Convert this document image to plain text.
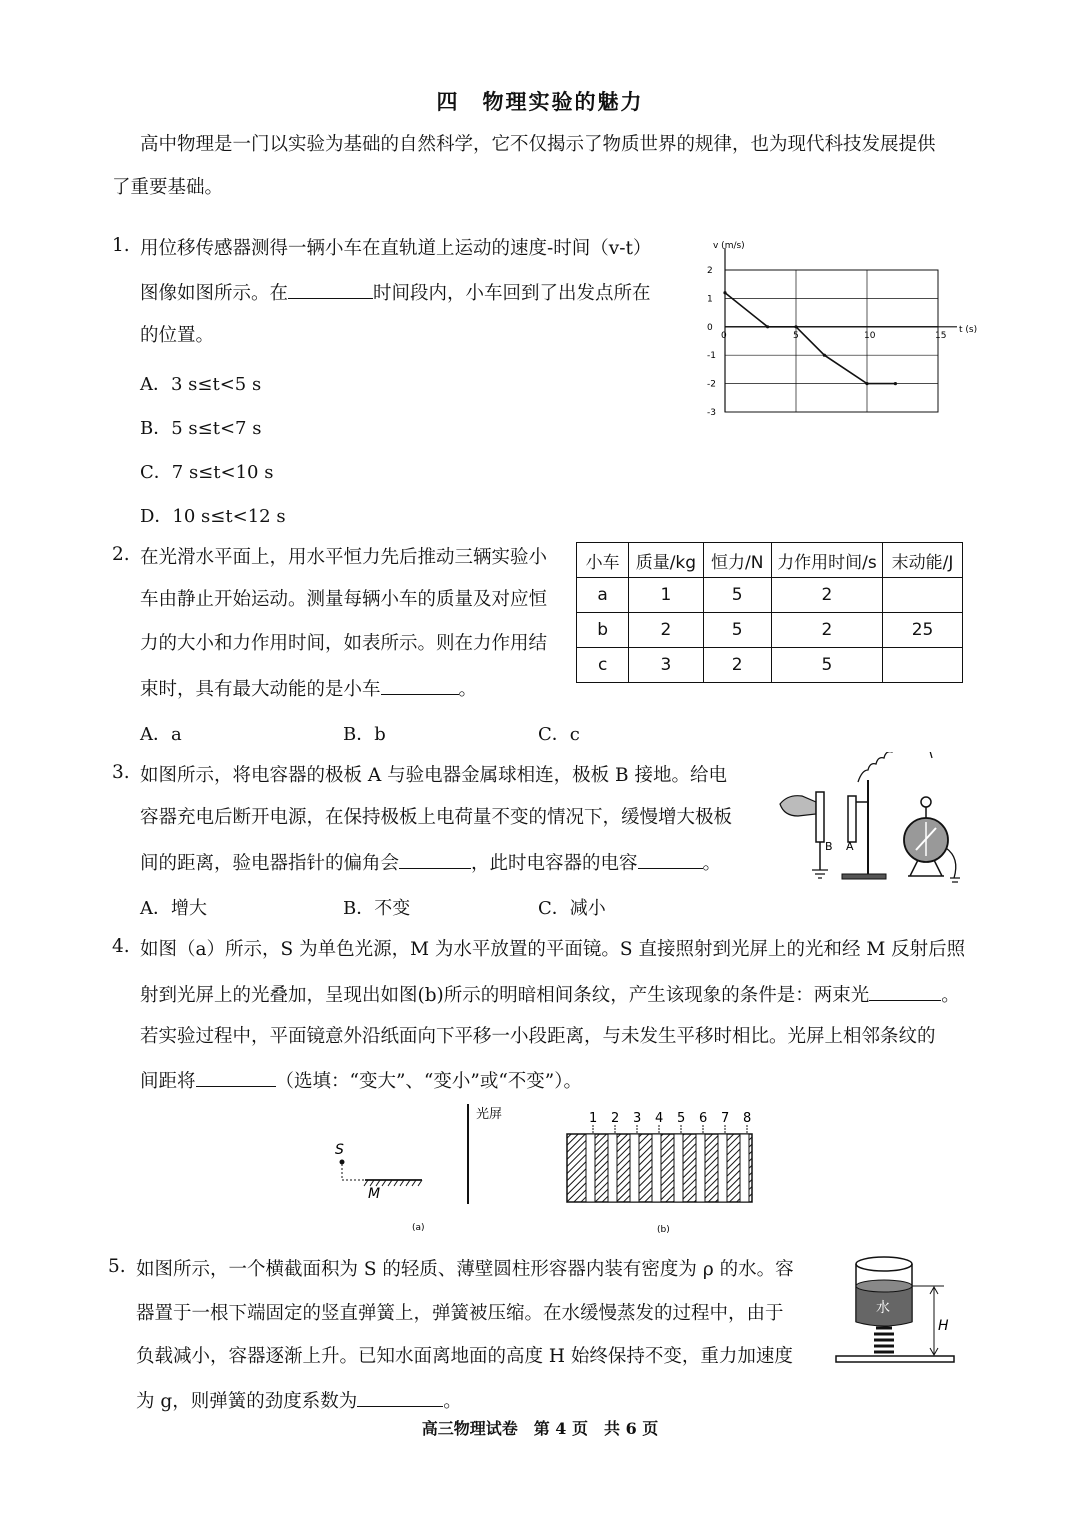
四　物理实验的魅力
高中物理是一门以实验为基础的自然科学，它不仅揭示了物质世界的规律，也为现代科技发展提供
了重要基础。
1. 用位移传感器测得一辆小车在直轨道上运动的速度-时间（v-t）
图像如图所示。在	时间段内，小车回到了出发点所在
的位置。
A．3 s≤t<5 s
B．5 s≤t<7 s
C．7 s≤t<10 s
D．10 s≤t<12 s
2
1
0
-1
-2
-3
0	5	10	15
v (m/s)
t (s)
2. 在光滑水平面上，用水平恒力先后推动三辆实验小
车由静止开始运动。测量每辆小车的质量及对应恒
力的大小和力作用时间，如表所示。则在力作用结
束时，具有最大动能的是小车	。
小车	质量/kg	恒力/N	力作用时间/s	末动能/J
a	1	5	2	
b	2	5	2	25
c	3	2	5	
A．a	B．b	C．c
3. 如图所示，将电容器的极板 A 与验电器金属球相连，极板 B 接地。给电
容器充电后断开电源，在保持极板上电荷量不变的情况下，缓慢增大极板
间的距离，验电器指针的偏角会	，此时电容器的电容	。
A．增大	B．不变	C．减小
B A
4. 如图（a）所示，S 为单色光源，M 为水平放置的平面镜。S 直接照射到光屏上的光和经 M 反射后照
射到光屏上的光叠加，呈现出如图(b)所示的明暗相间条纹，产生该现象的条件是：两束光	。
若实验过程中，平面镜意外沿纸面向下平移一小段距离，与未发生平移时相比。光屏上相邻条纹的
间距将	（选填：“变大”、“变小”或“不变”）。
S
M
光屏
(a)
1 2 3 4 5 6 7 8
(b)
5. 如图所示，一个横截面积为 S 的轻质、薄壁圆柱形容器内装有密度为 ρ 的水。容
器置于一根下端固定的竖直弹簧上，弹簧被压缩。在水缓慢蒸发的过程中，由于
负载减小，容器逐渐上升。已知水面离地面的高度 H 始终保持不变，重力加速度
为 g，则弹簧的劲度系数为	。
水
H
高三物理试卷　第 4 页　共 6 页
